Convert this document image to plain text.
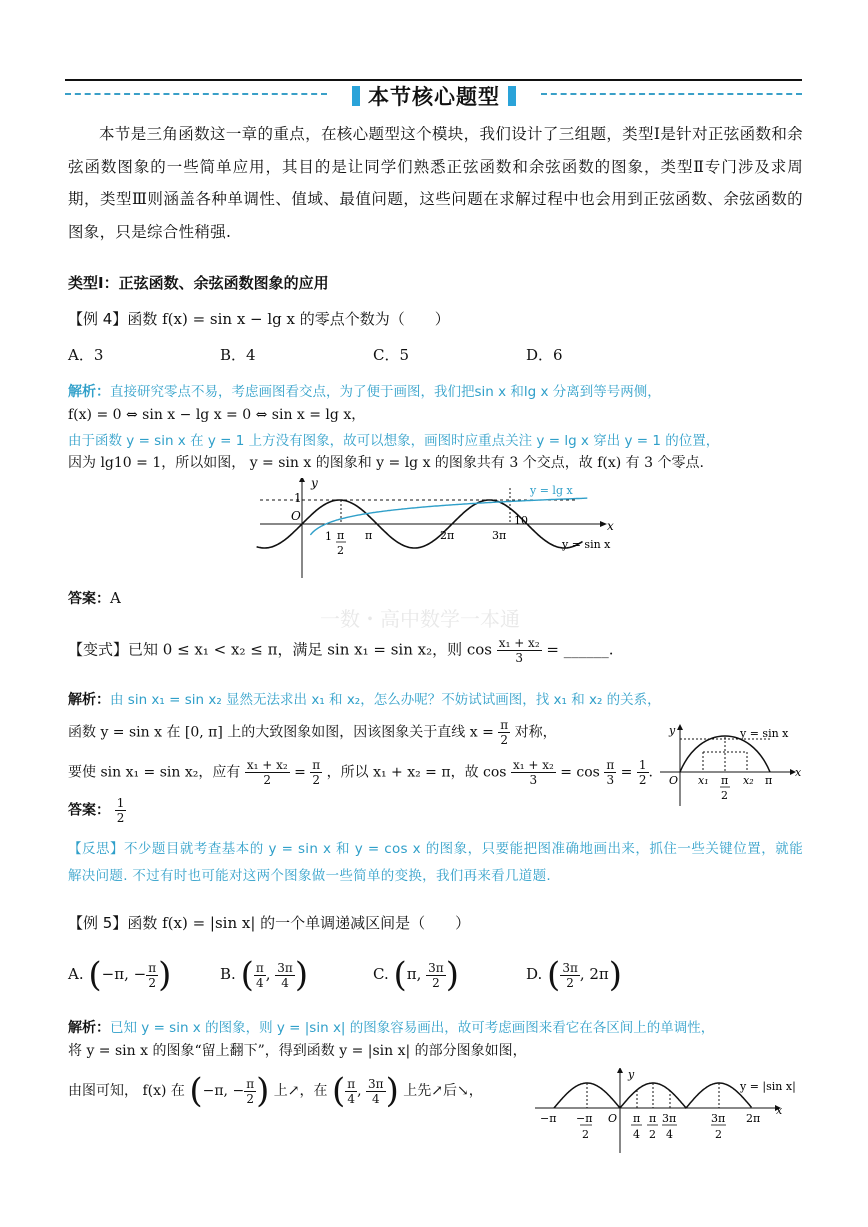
本节核心题型
本节是三角函数这一章的重点，在核心题型这个模块，我们设计了三组题，类型Ⅰ是针对正弦函数和余弦函数图象的一些简单应用，其目的是让同学们熟悉正弦函数和余弦函数的图象，类型Ⅱ专门涉及求周期，类型Ⅲ则涵盖各种单调性、值域、最值问题，这些问题在求解过程中也会用到正弦函数、余弦函数的图象，只是综合性稍强.
类型Ⅰ：正弦函数、余弦函数图象的应用
【例 4】函数 f(x) = sin x − lg x 的零点个数为（　　）
A．3	B．4	C．5	D．6
解析：直接研究零点不易，考虑画图看交点，为了便于画图，我们把sin x 和lg x 分离到等号两侧，
f(x) = 0 ⇔ sin x − lg x = 0 ⇔ sin x = lg x，
由于函数 y = sin x 在 y = 1 上方没有图象，故可以想象，画图时应重点关注 y = lg x 穿出 y = 1 的位置，
因为 lg10 = 1，所以如图， y = sin x 的图象和 y = lg x 的图象共有 3 个交点，故 f(x) 有 3 个零点.
y
x
O
1
1 π
2
π	2π	3π
10
y = lg x
y = sin x
答案：A
一数・高中数学一本通
【变式】已知 0 ≤ x₁ < x₂ ≤ π，满足 sin x₁ = sin x₂，则 $\cos \frac{\text{x₁ + x₂}}{3}$ = ______.
解析：由 sin x₁ = sin x₂ 显然无法求出 x₁ 和 x₂，怎么办呢？不妨试试画图，找 x₁ 和 x₂ 的关系，
函数 y = sin x 在 [0, π] 上的大致图象如图，因该图象关于直线 $x = \frac{\pi}{2}$ 对称，
要使 sin x₁ = sin x₂，应有 $\frac{\text{x₁ + x₂}}{2} = \frac{\pi}{2}$ ，所以 x₁ + x₂ = π，故 $\cos \frac{\text{x₁ + x₂}}{3} = \cos \frac{\pi}{3} = \frac{1}{2}$ .
答案： $\frac{1}{2}$
y
x
O x₁ π
2
x₂ π
y = sin x
【反思】不少题目就考查基本的 y = sin x 和 y = cos x 的图象，只要能把图准确地画出来，抓住一些关键位置，就能解决问题. 不过有时也可能对这两个图象做一些简单的变换，我们再来看几道题.
【例 5】函数 f(x) = |sin x| 的一个单调递减区间是（　　）
A. (−π, − $\frac{\pi}{2}$ )	B. ( $\frac{\pi}{4}$ , $\frac{3\pi}{4}$ )	C. (π, $\frac{3\pi}{2}$ )	D. ( $\frac{3\pi}{2}$ , 2π)
解析：已知 y = sin x 的图象，则 y = |sin x| 的图象容易画出，故可考虑画图来看它在各区间上的单调性，
将 y = sin x 的图象“留上翻下”，得到函数 y = |sin x| 的部分图象如图，
由图可知， f(x) 在 (−π, − $\frac{\pi}{2}$ ) 上↗，在 ( $\frac{\pi}{4}$ , $\frac{3\pi}{4}$ ) 上先↗后↘，
y
x
O
−π −π
2
π
4
π
2
3π
4
3π
2
2π
y = |sin x|
